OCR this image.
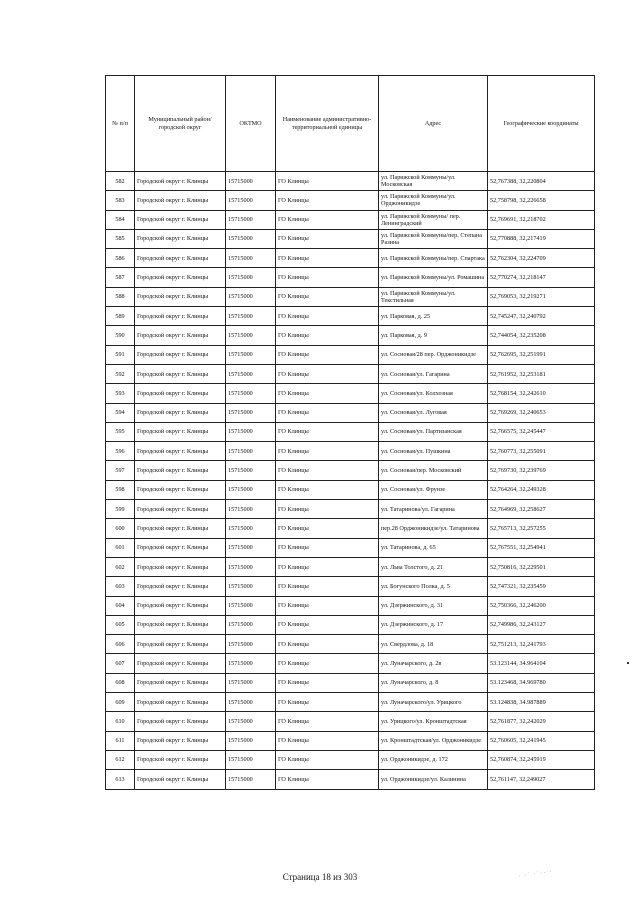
№ п/п	Муниципальный район/городской округ	ОКТМО	Наименование административно-территориальной единицы	Адрес	Географические координаты
582	Городской округ г. Клинцы	15715000	ГО Клинцы	ул. Парижской Коммуны/ул. Московская	52,767388, 32,220804
583	Городской округ г. Клинцы	15715000	ГО Клинцы	ул. Парижской Коммуны/ул. Орджоникидзе	52,758798, 32,226658
584	Городской округ г. Клинцы	15715000	ГО Клинцы	ул. Парижской Коммуны/ пер. Ленинградский	52,769691, 32,218702
585	Городской округ г. Клинцы	15715000	ГО Клинцы	ул. Парижской Коммуны/пер. Степана Разина	52,770888, 32,217419
586	Городской округ г. Клинцы	15715000	ГО Клинцы	ул. Парижской Коммуны/пер. Спартака	52,762304, 32,224709
587	Городской округ г. Клинцы	15715000	ГО Клинцы	ул. Парижской Коммуны/ул. Ромашина	52,770274, 32,218147
588	Городской округ г. Клинцы	15715000	ГО Клинцы	ул. Парижской Коммуны/ул. Текстильная	52,769053, 32,219271
589	Городской округ г. Клинцы	15715000	ГО Клинцы	ул. Парковая, д. 25	52,745247, 32,240792
590	Городской округ г. Клинцы	15715000	ГО Клинцы	ул. Парковая, д. 9	52,744054, 32,235208
591	Городской округ г. Клинцы	15715000	ГО Клинцы	ул. Сосновая/28 пер. Орджоникидзе	52,762695, 32,251991
592	Городской округ г. Клинцы	15715000	ГО Клинцы	ул. Сосновая/ул. Гагарина	52,761952, 32,253181
593	Городской округ г. Клинцы	15715000	ГО Клинцы	ул. Сосновая/ул. Колхозная	52,768154, 32,242610
594	Городской округ г. Клинцы	15715000	ГО Клинцы	ул. Сосновая/ул. Луговая	52,769269, 32,240653
595	Городской округ г. Клинцы	15715000	ГО Клинцы	ул. Сосновая/ул. Партизанская	52,766575, 32,245447
596	Городской округ г. Клинцы	15715000	ГО Клинцы	ул. Сосновая/ул. Пушкина	52,760773, 32,255091
597	Городской округ г. Клинцы	15715000	ГО Клинцы	ул. Сосновая/пер. Московский	52,769730, 32,239769
598	Городской округ г. Клинцы	15715000	ГО Клинцы	ул. Сосновая/ул. Фрунзе	52,764264, 32,249328
599	Городской округ г. Клинцы	15715000	ГО Клинцы	ул. Татаринова/ул. Гагарина	52,764969, 32,258627
600	Городской округ г. Клинцы	15715000	ГО Клинцы	пер.28 Орджоникидзе/ул. Татаринова	52,765713, 32,257255
601	Городской округ г. Клинцы	15715000	ГО Клинцы	ул. Татаринова, д. 65	52,767551, 32,254941
602	Городской округ г. Клинцы	15715000	ГО Клинцы	ул. Льва Толстого, д. 21	52,750816, 32,229501
603	Городской округ г. Клинцы	15715000	ГО Клинцы	ул. Богунского Полка, д. 5	52,747321, 32,235459
604	Городской округ г. Клинцы	15715000	ГО Клинцы	ул. Дзержинского, д. 31	52,750366, 32,246200
605	Городской округ г. Клинцы	15715000	ГО Клинцы	ул. Дзержинского, д. 17	52,749986, 32,243127
606	Городской округ г. Клинцы	15715000	ГО Клинцы	ул. Свердлова, д. 18	52,751213, 32,241793
607	Городской округ г. Клинцы	15715000	ГО Клинцы	ул. Луначарского, д. 2в	53.123144, 34.964104
608	Городской округ г. Клинцы	15715000	ГО Клинцы	ул. Луначарского, д. 8	53.123468, 34.969780
609	Городской округ г. Клинцы	15715000	ГО Клинцы	ул. Луначарского/ул. Урицкого	53.124838, 34.987889
610	Городской округ г. Клинцы	15715000	ГО Клинцы	ул. Урицкого/ул. Кронштадтская	52,761877, 32,242029
611	Городской округ г. Клинцы	15715000	ГО Клинцы	ул. Кронштадтская/ул. Орджоникидзе	52,760605, 32,241945
612	Городской округ г. Клинцы	15715000	ГО Клинцы	ул. Орджоникидзе, д. 172	52,760874, 32,245919
613	Городской округ г. Клинцы	15715000	ГО Клинцы	ул. Орджоникидзе/ул. Калинина	52,761147, 32,249027
Страница 18 из 303	· ·˙ ·˙·· ·
